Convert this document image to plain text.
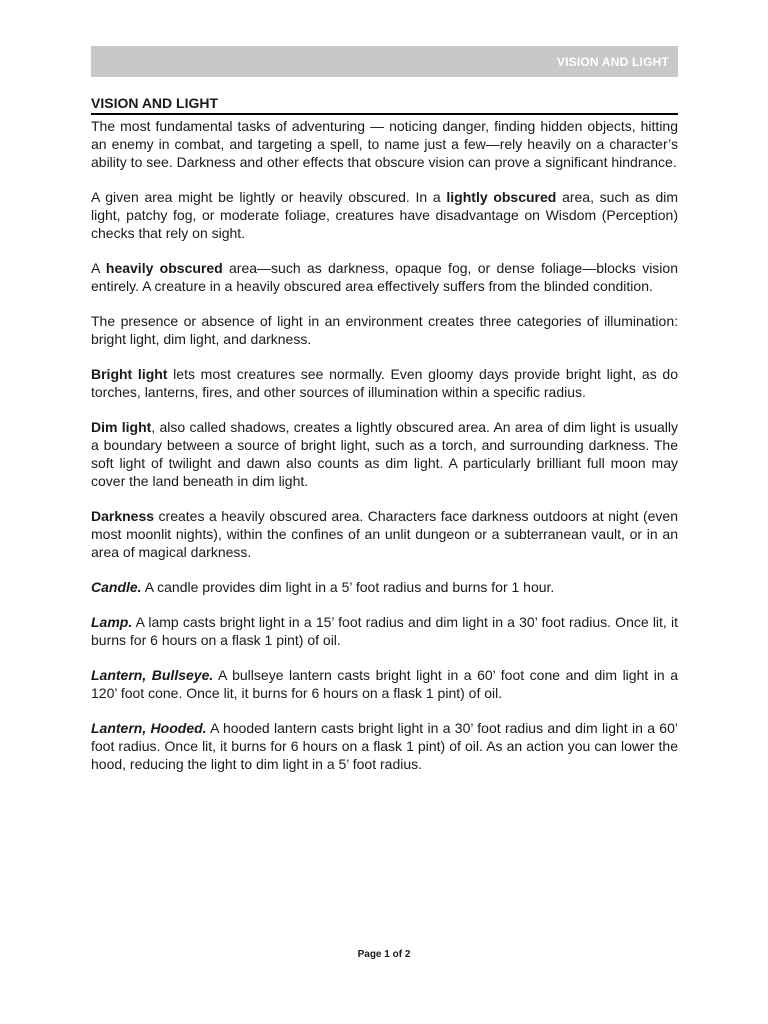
VISION AND LIGHT
VISION AND LIGHT

The most fundamental tasks of adventuring — noticing danger, finding hidden objects, hitting an enemy in combat, and targeting a spell, to name just a few—rely heavily on a character’s ability to see. Darkness and other effects that obscure vision can prove a significant hindrance.

A given area might be lightly or heavily obscured. In a lightly obscured area, such as dim light, patchy fog, or moderate foliage, creatures have disadvantage on Wisdom (Perception) checks that rely on sight.

A heavily obscured area—such as darkness, opaque fog, or dense foliage—blocks vision entirely. A creature in a heavily obscured area effectively suffers from the blinded condition.

The presence or absence of light in an environment creates three categories of illumination: bright light, dim light, and darkness.

Bright light lets most creatures see normally. Even gloomy days provide bright light, as do torches, lanterns, fires, and other sources of illumination within a specific radius.

Dim light, also called shadows, creates a lightly obscured area. An area of dim light is usually a boundary between a source of bright light, such as a torch, and surrounding darkness. The soft light of twilight and dawn also counts as dim light. A particularly brilliant full moon may cover the land beneath in dim light.

Darkness creates a heavily obscured area. Characters face darkness outdoors at night (even most moonlit nights), within the confines of an unlit dungeon or a subterranean vault, or in an area of magical darkness.

Candle. A candle provides dim light in a 5’ foot radius and burns for 1 hour.

Lamp. A lamp casts bright light in a 15’ foot radius and dim light in a 30’ foot radius. Once lit, it burns for 6 hours on a flask 1 pint) of oil.

Lantern, Bullseye. A bullseye lantern casts bright light in a 60’ foot cone and dim light in a 120’ foot cone. Once lit, it burns for 6 hours on a flask 1 pint) of oil.

Lantern, Hooded. A hooded lantern casts bright light in a 30’ foot radius and dim light in a 60’ foot radius. Once lit, it burns for 6 hours on a flask 1 pint) of oil. As an action you can lower the hood, reducing the light to dim light in a 5’ foot radius.

Page 1 of 2
